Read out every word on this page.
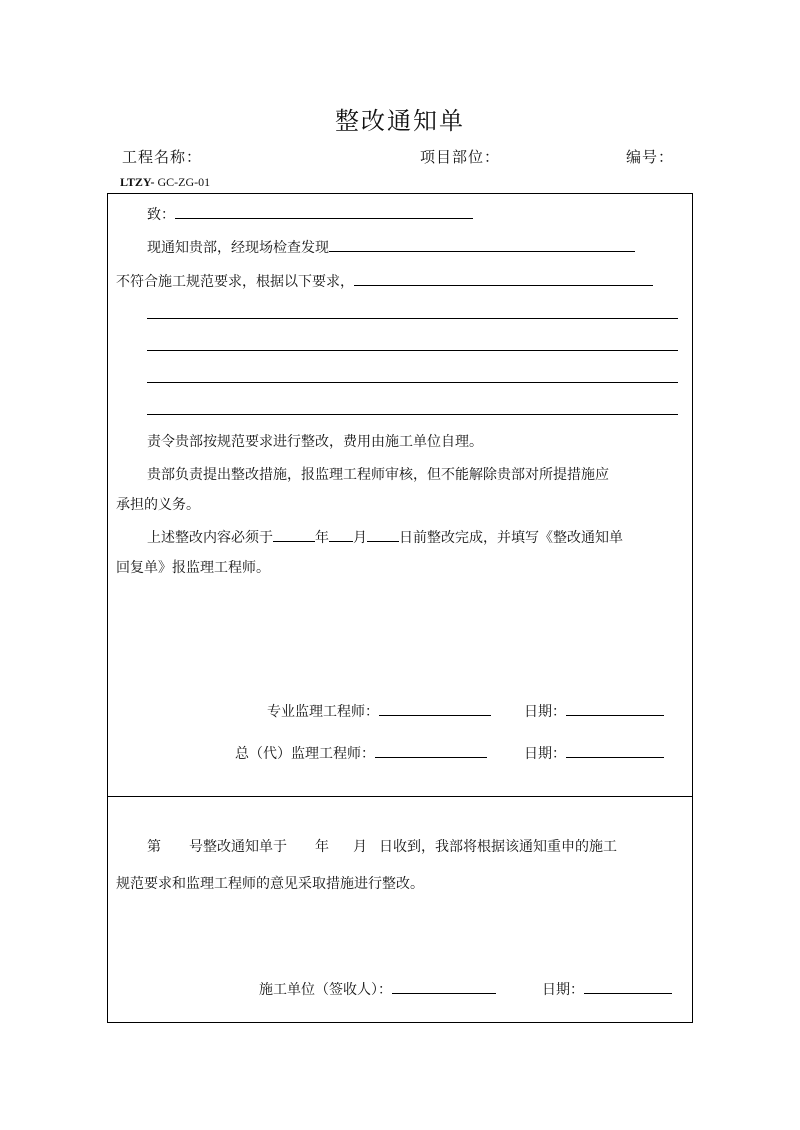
整改通知单
工程名称：	项目部位：	编号：
LTZY- GC-ZG-01
致：
现通知贵部，经现场检查发现
不符合施工规范要求，根据以下要求，
责令贵部按规范要求进行整改，费用由施工单位自理。
贵部负责提出整改措施，报监理工程师审核，但不能解除贵部对所提措施应
承担的义务。
上述整改内容必须于	年 月 日前整改完成，并填写《整改通知单
回复单》报监理工程师。
专业监理工程师：	日期：
总（代）监理工程师：	日期：
第 号整改通知单于 年 月 日收到，我部将根据该通知重申的施工
规范要求和监理工程师的意见采取措施进行整改。
施工单位（签收人）：	日期：
